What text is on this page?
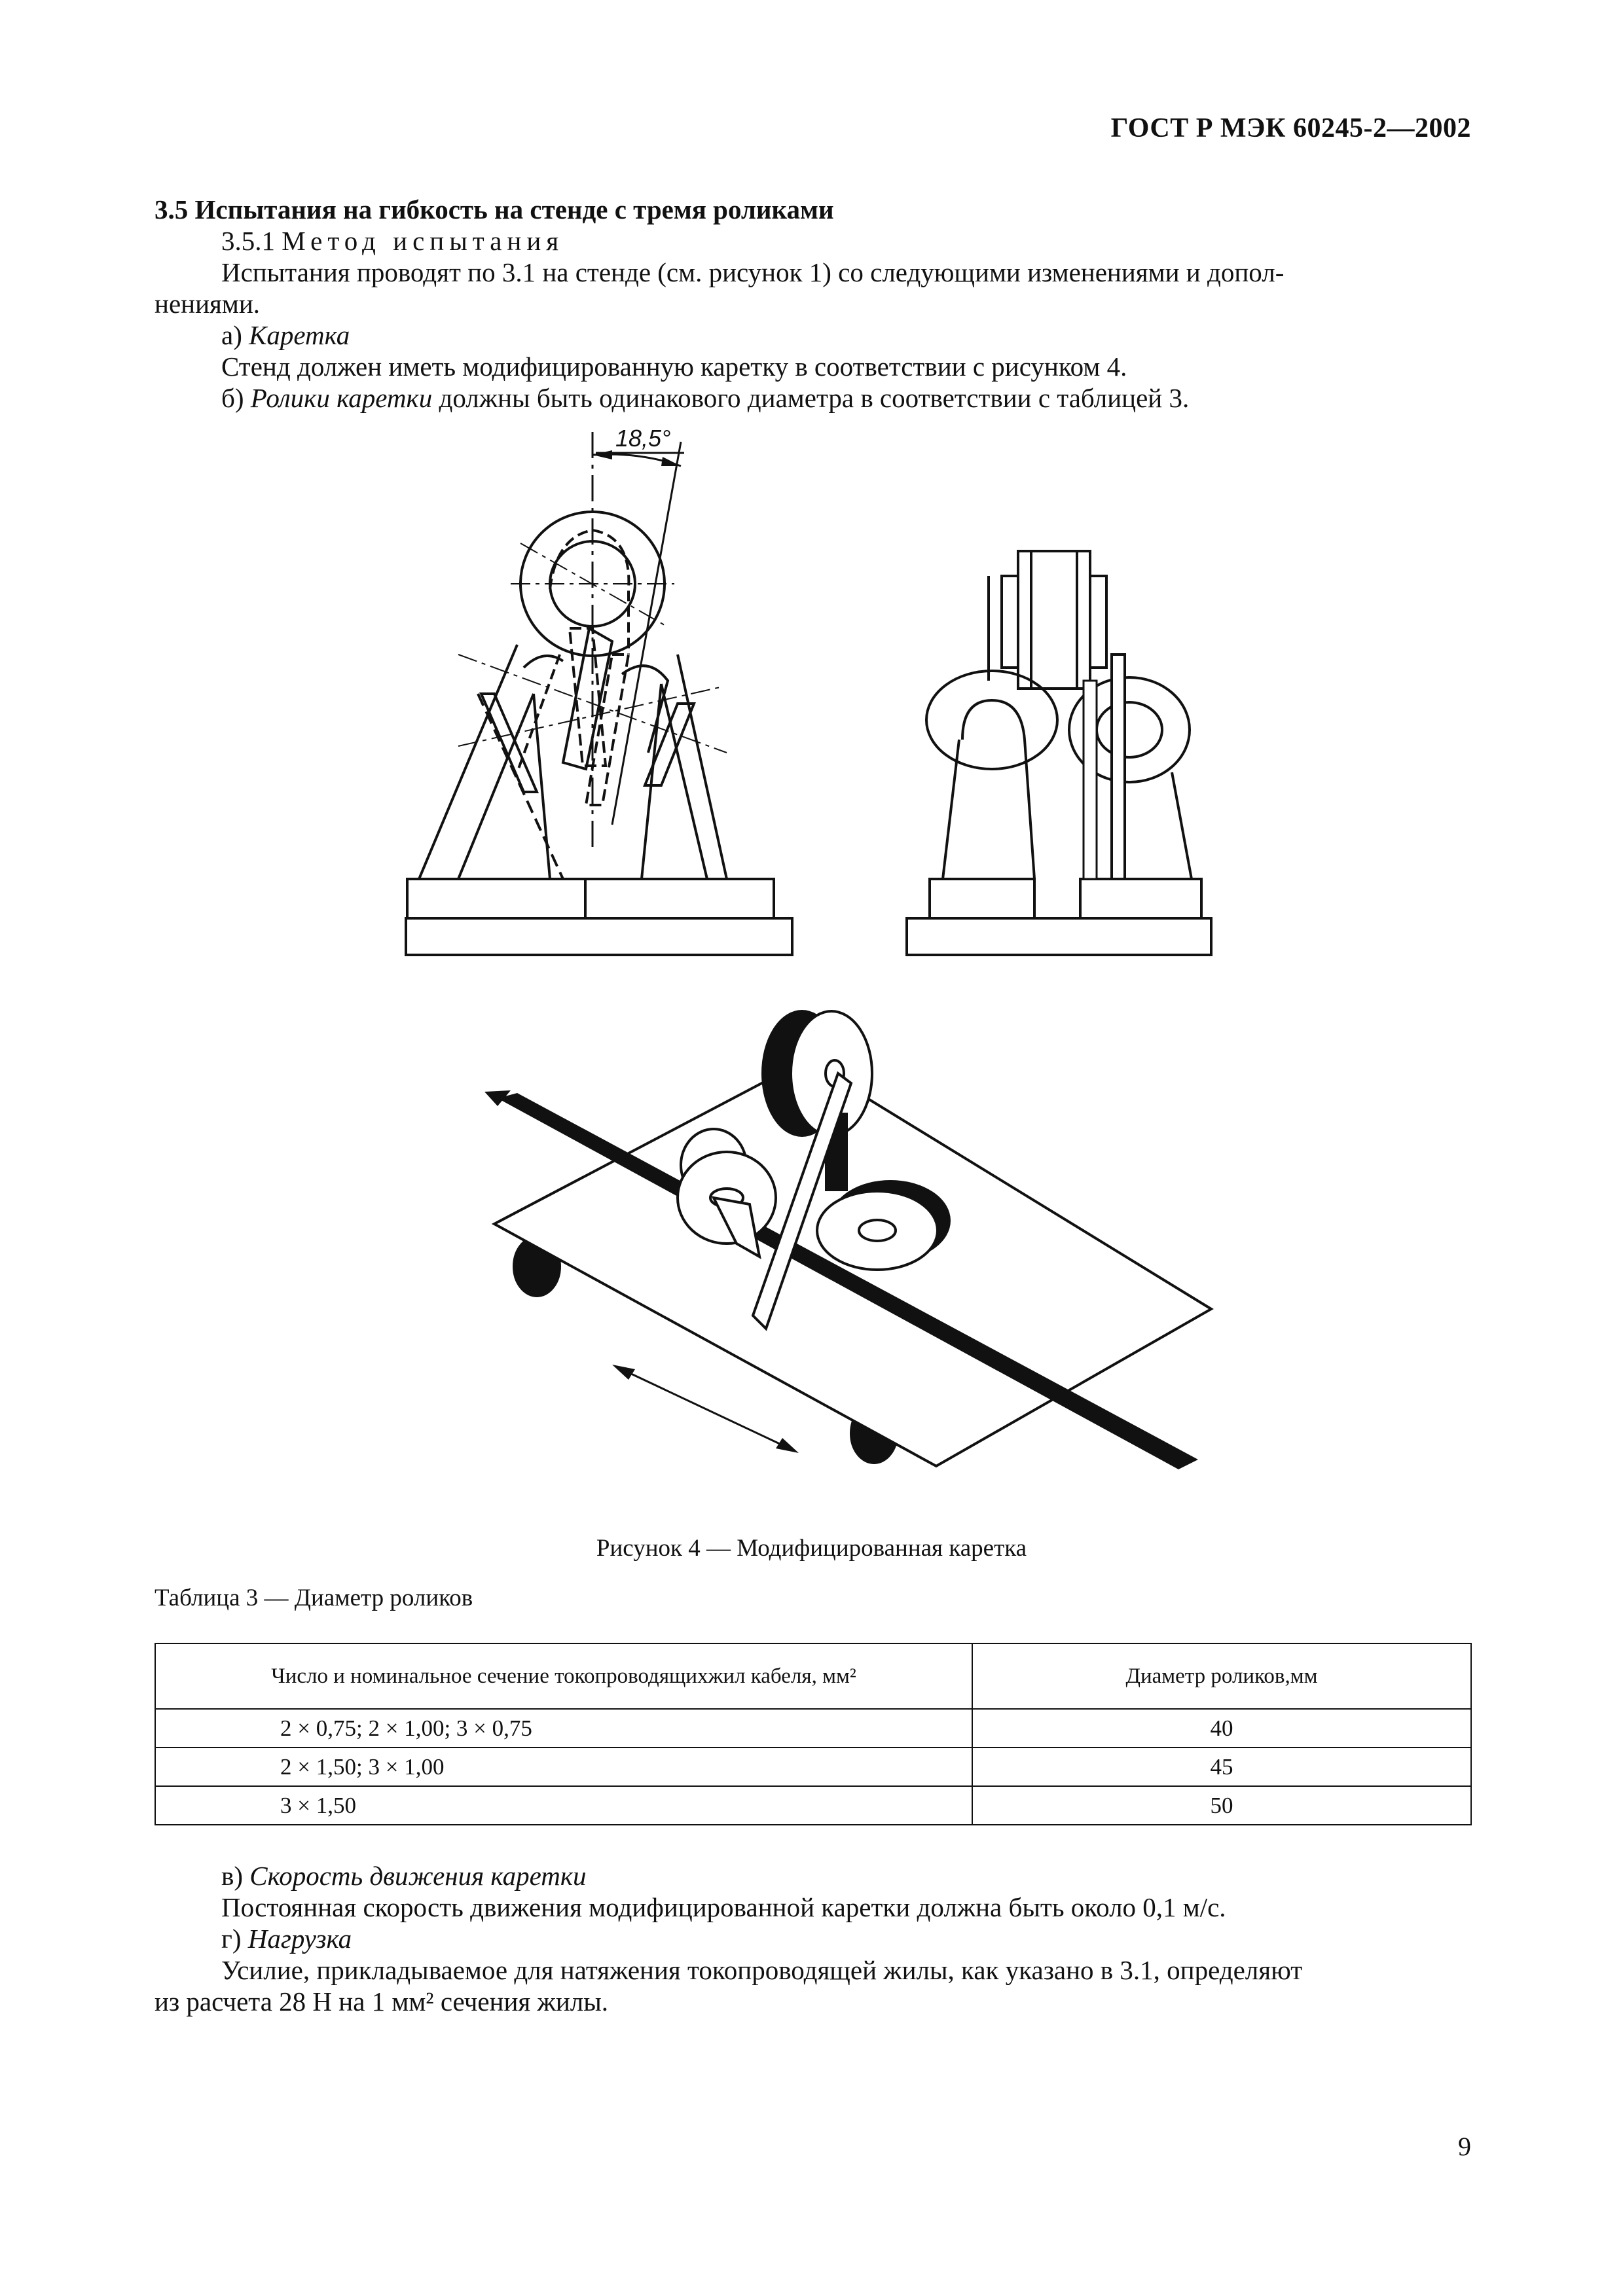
ГОСТ Р МЭК 60245-2—2002
3.5 Испытания на гибкость на стенде с тремя роликами
3.5.1 Метод испытания
Испытания проводят по 3.1 на стенде (см. рисунок 1) со следующими изменениями и допол-
нениями.
а) Каретка
Стенд должен иметь модифицированную каретку в соответствии с рисунком 4.
б) Ролики каретки должны быть одинакового диаметра в соответствии с таблицей 3.
18,5°
Рисунок 4 — Модифицированная каретка
Таблица 3 — Диаметр роликов
Число и номинальное сечение токопроводящихжил кабеля, мм²	Диаметр роликов,мм
2 × 0,75; 2 × 1,00; 3 × 0,75	40
2 × 1,50; 3 × 1,00	45
3 × 1,50	50
в) Скорость движения каретки
Постоянная скорость движения модифицированной каретки должна быть около 0,1 м/с.
г) Нагрузка
Усилие, прикладываемое для натяжения токопроводящей жилы, как указано в 3.1, определяют
из расчета 28 Н на 1 мм² сечения жилы.
9
